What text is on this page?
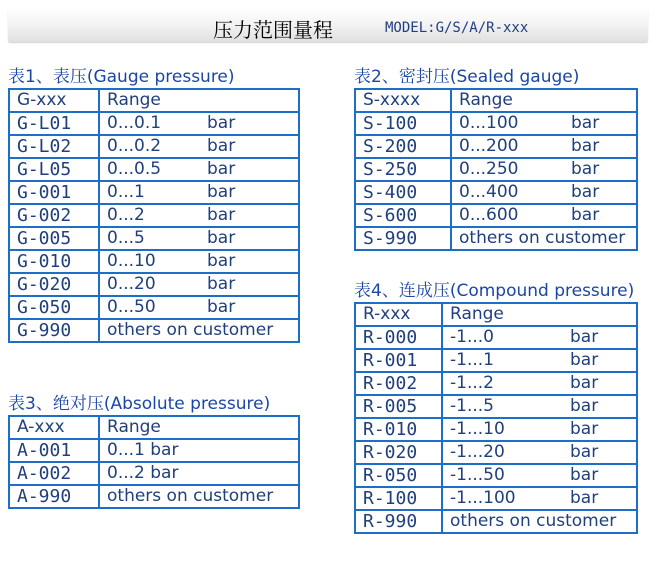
压力范围量程	MODEL:G/S/A/R-xxx
表1、表压(Gauge pressure)
G-xxx	Range
G-L01	0...0.1 bar
G-L02	0...0.2 bar
G-L05	0...0.5 bar
G-001	0...1 bar
G-002	0...2 bar
G-005	0...5 bar
G-010	0...10 bar
G-020	0...20 bar
G-050	0...50 bar
G-990	others on customer
表2、密封压(Sealed gauge)
S-xxxx	Range
S-100	0...100 bar
S-200	0...200 bar
S-250	0...250 bar
S-400	0...400 bar
S-600	0...600 bar
S-990	others on customer
表3、绝对压(Absolute pressure)
A-xxx	Range
A-001	0...1 bar
A-002	0...2 bar
A-990	others on customer
表4、连成压(Compound pressure)
R-xxx	Range
R-000	-1...0 bar
R-001	-1...1 bar
R-002	-1...2 bar
R-005	-1...5 bar
R-010	-1...10 bar
R-020	-1...20 bar
R-050	-1...50 bar
R-100	-1...100 bar
R-990	others on customer
